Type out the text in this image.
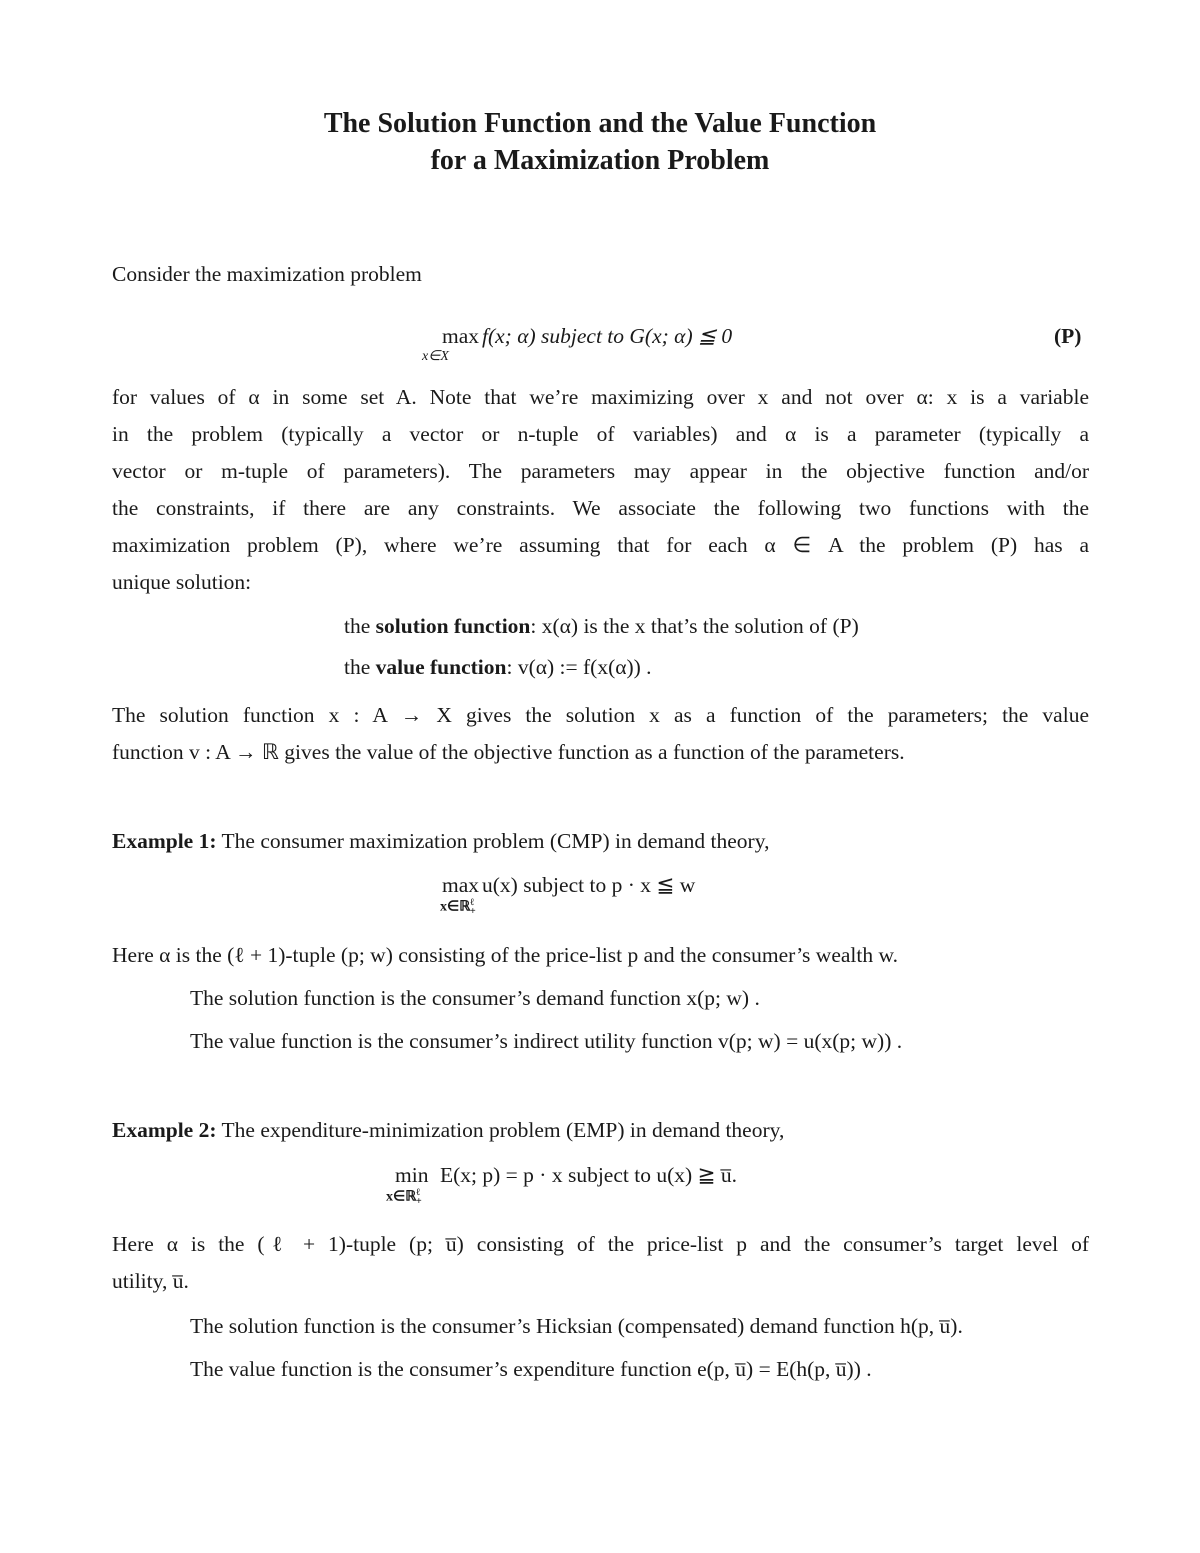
The Solution Function and the Value Function
for a Maximization Problem
Consider the maximization problem
max
x∈X
f(x; α) subject to G(x; α) ≦ 0	(P)
for values of α in some set A. Note that we’re maximizing over x and not over α: x is a variable
in the problem (typically a vector or n-tuple of variables) and α is a parameter (typically a
vector or m-tuple of parameters). The parameters may appear in the objective function and/or
the constraints, if there are any constraints. We associate the following two functions with the
maximization problem (P), where we’re assuming that for each α ∈ A the problem (P) has a
unique solution:
the solution function: x(α) is the x that’s the solution of (P)
the value function: v(α) := f(x(α)) .
The solution function x : A → X gives the solution x as a function of the parameters; the value
function v : A → ℝ gives the value of the objective function as a function of the parameters.
Example 1: The consumer maximization problem (CMP) in demand theory,
max
x∈ℝ$^\ell_+$
u(x) subject to p · x ≦ w
Here α is the (ℓ + 1)-tuple (p; w) consisting of the price-list p and the consumer’s wealth w.
The solution function is the consumer’s demand function x(p; w) .
The value function is the consumer’s indirect utility function v(p; w) = u(x(p; w)) .
Example 2: The expenditure-minimization problem (EMP) in demand theory,
min
x∈ℝ$^\ell_+$
E(x; p) = p · x subject to u(x) ≧ u̅.
Here α is the (ℓ + 1)-tuple (p; u̅) consisting of the price-list p and the consumer’s target level of
utility, u̅.
The solution function is the consumer’s Hicksian (compensated) demand function h(p, u̅).
The value function is the consumer’s expenditure function e(p, u̅) = E(h(p, u̅)) .
